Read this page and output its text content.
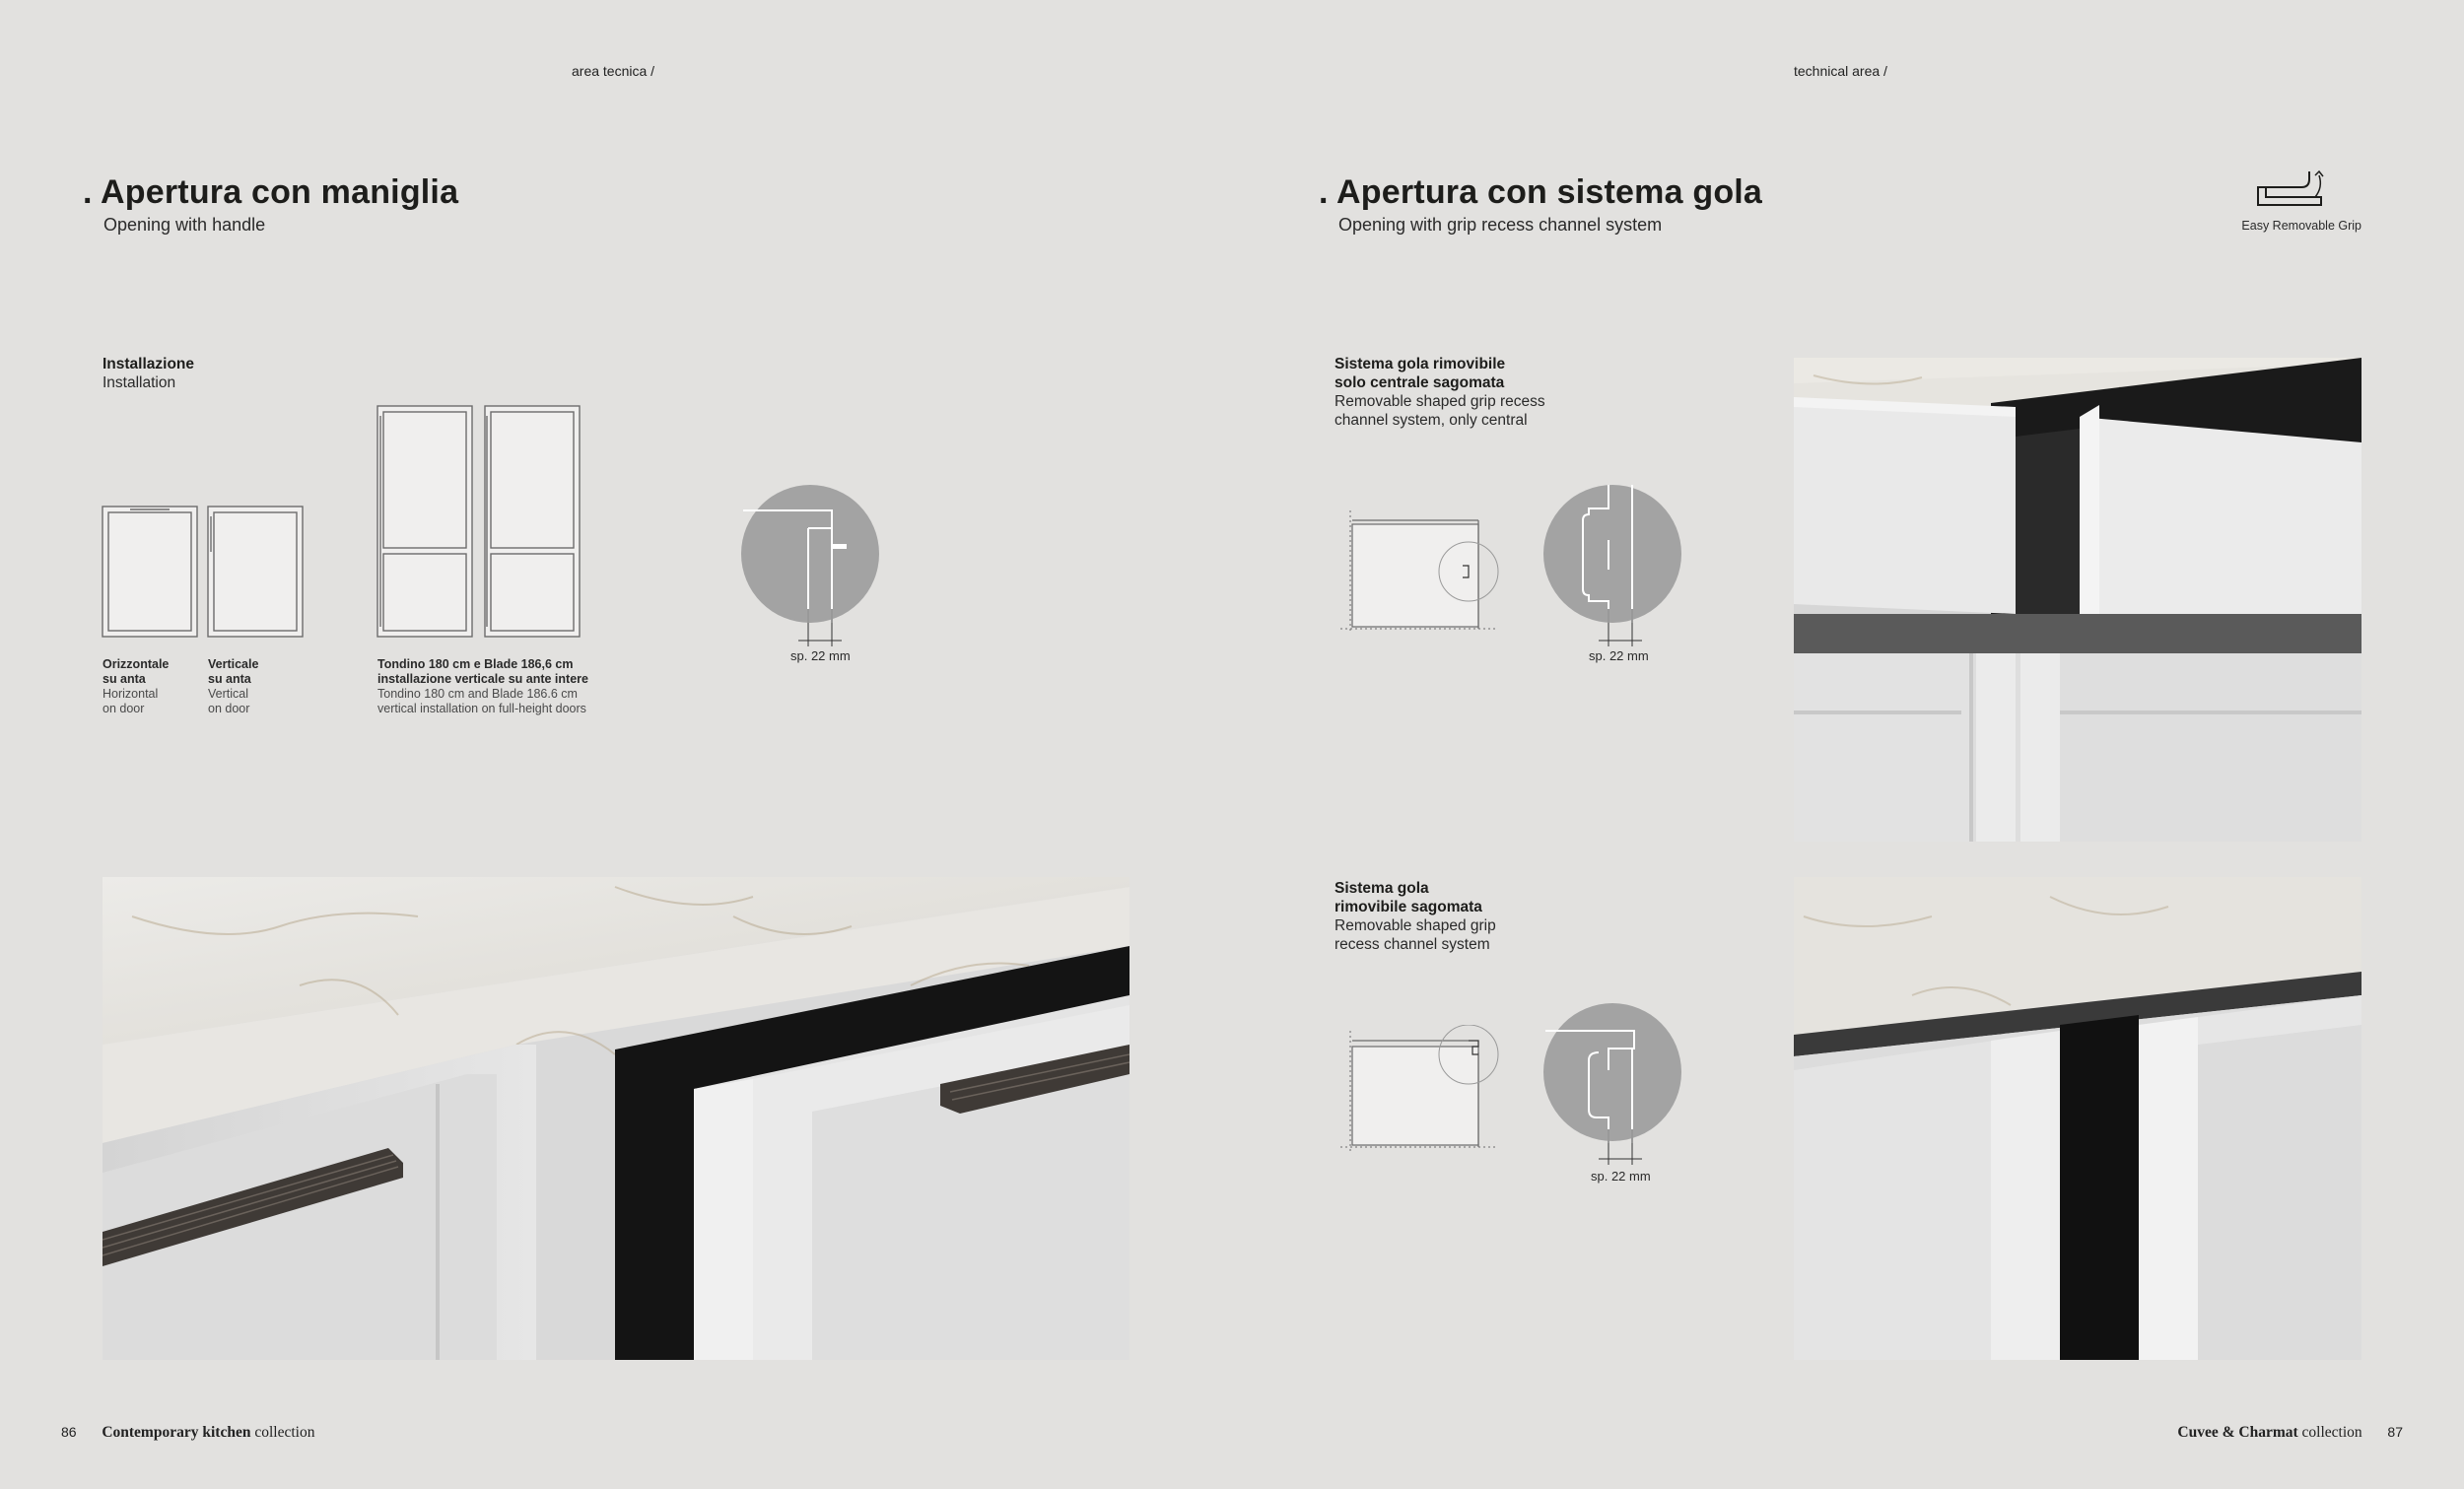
area tecnica /
. Apertura con maniglia
Opening with handle
Installazione
Installation
Orizzontale
su anta
Horizontal
on door
Verticale
su anta
Vertical
on door
Tondino 180 cm e Blade 186,6 cm
installazione verticale su ante intere
Tondino 180 cm and Blade 186.6 cm
vertical installation on full-height doors
sp. 22 mm
86 Contemporary kitchen collection
technical area /
. Apertura con sistema gola
Opening with grip recess channel system	Easy Removable Grip
Sistema gola rimovibile
solo centrale sagomata
Removable shaped grip recess
channel system, only central
sp. 22 mm
Sistema gola
rimovibile sagomata
Removable shaped grip
recess channel system
sp. 22 mm
Cuvee & Charmat collection 87
